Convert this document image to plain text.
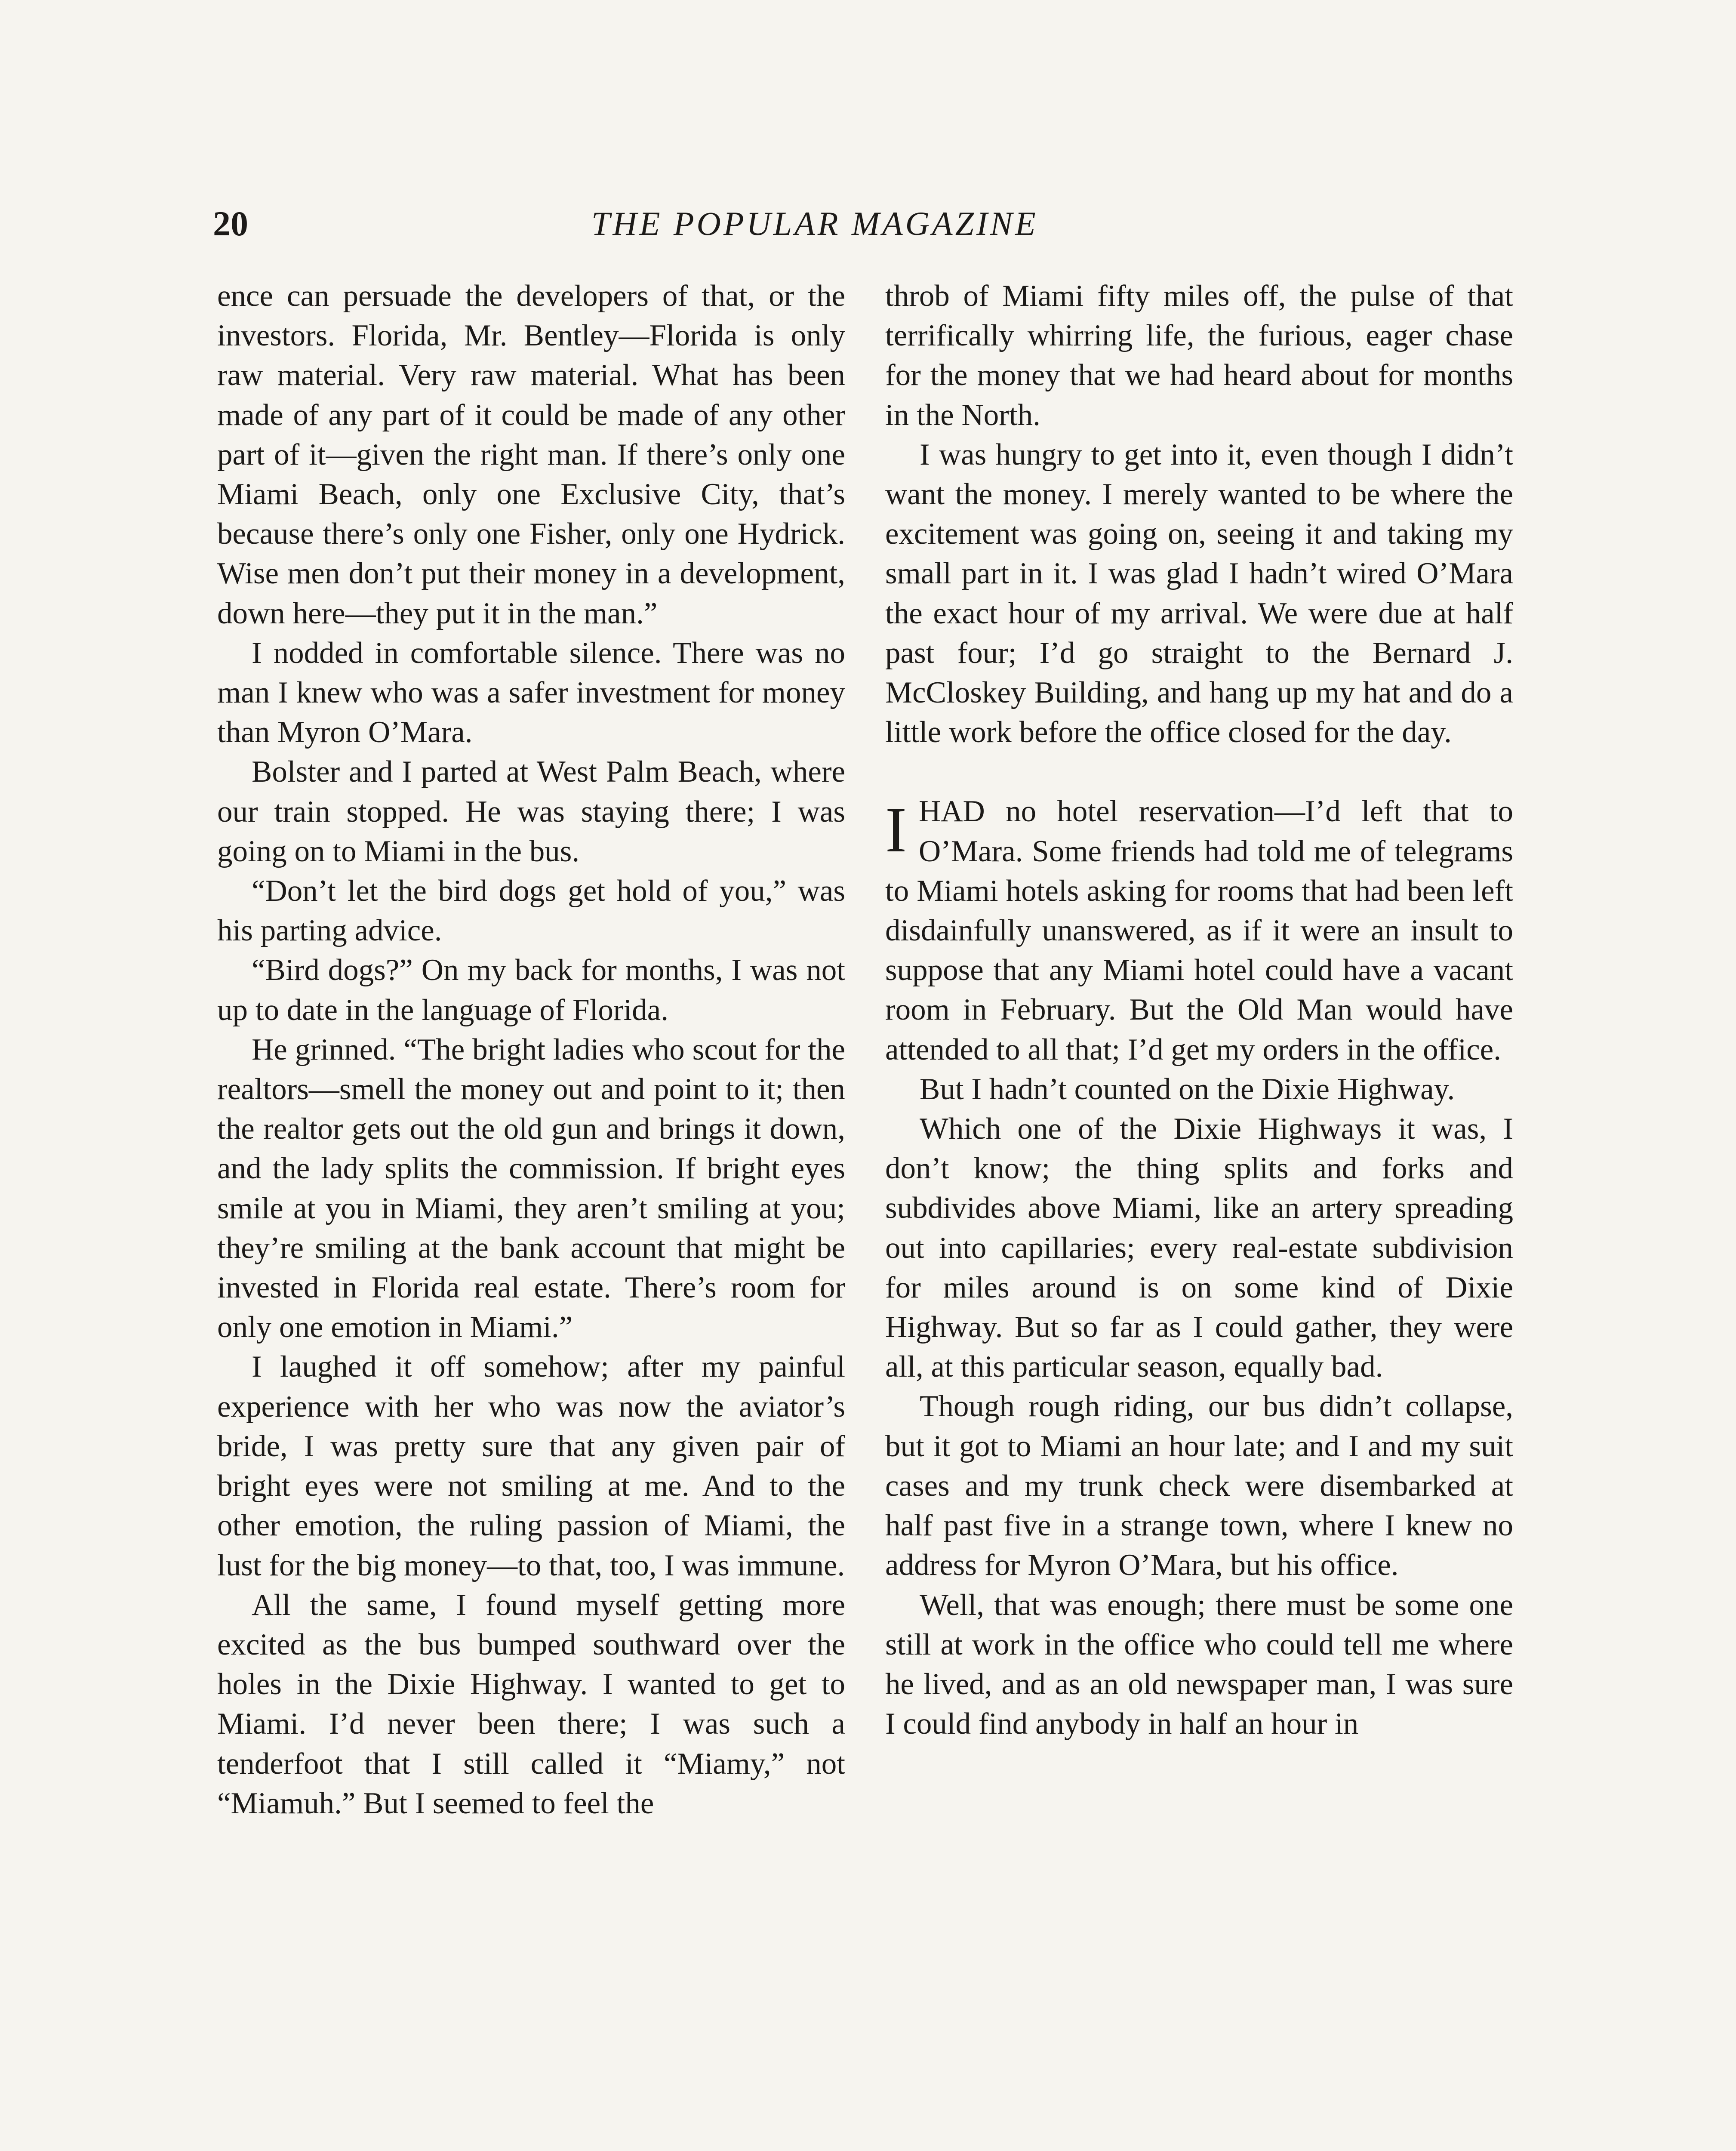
20	THE POPULAR MAGAZINE

ence can persuade the developers of that, or the investors. Florida, Mr. Bentley—Florida is only raw material. Very raw material. What has been made of any part of it could be made of any other part of it—given the right man. If there’s only one Miami Beach, only one Exclusive City, that’s because there’s only one Fisher, only one Hydrick. Wise men don’t put their money in a development, down here—they put it in the man.”

I nodded in comfortable silence. There was no man I knew who was a safer investment for money than Myron O’Mara.

Bolster and I parted at West Palm Beach, where our train stopped. He was staying there; I was going on to Miami in the bus.

“Don’t let the bird dogs get hold of you,” was his parting advice.

“Bird dogs?” On my back for months, I was not up to date in the language of Florida.

He grinned. “The bright ladies who scout for the realtors—smell the money out and point to it; then the realtor gets out the old gun and brings it down, and the lady splits the commission. If bright eyes smile at you in Miami, they aren’t smiling at you; they’re smiling at the bank account that might be invested in Florida real estate. There’s room for only one emotion in Miami.”

I laughed it off somehow; after my painful experience with her who was now the aviator’s bride, I was pretty sure that any given pair of bright eyes were not smiling at me. And to the other emotion, the ruling passion of Miami, the lust for the big money—to that, too, I was immune.

All the same, I found myself getting more excited as the bus bumped southward over the holes in the Dixie Highway. I wanted to get to Miami. I’d never been there; I was such a tenderfoot that I still called it “Miamy,” not “Miamuh.” But I seemed to feel the

throb of Miami fifty miles off, the pulse of that terrifically whirring life, the furious, eager chase for the money that we had heard about for months in the North.

I was hungry to get into it, even though I didn’t want the money. I merely wanted to be where the excitement was going on, seeing it and taking my small part in it. I was glad I hadn’t wired O’Mara the exact hour of my arrival. We were due at half past four; I’d go straight to the Bernard J. McCloskey Building, and hang up my hat and do a little work before the office closed for the day.

I HAD no hotel reservation—I’d left that to O’Mara. Some friends had told me of telegrams to Miami hotels asking for rooms that had been left disdainfully unanswered, as if it were an insult to suppose that any Miami hotel could have a vacant room in February. But the Old Man would have attended to all that; I’d get my orders in the office.

But I hadn’t counted on the Dixie Highway.

Which one of the Dixie Highways it was, I don’t know; the thing splits and forks and subdivides above Miami, like an artery spreading out into capillaries; every real-estate subdivision for miles around is on some kind of Dixie Highway. But so far as I could gather, they were all, at this particular season, equally bad.

Though rough riding, our bus didn’t collapse, but it got to Miami an hour late; and I and my suit cases and my trunk check were disembarked at half past five in a strange town, where I knew no address for Myron O’Mara, but his office.

Well, that was enough; there must be some one still at work in the office who could tell me where he lived, and as an old newspaper man, I was sure I could find anybody in half an hour in
